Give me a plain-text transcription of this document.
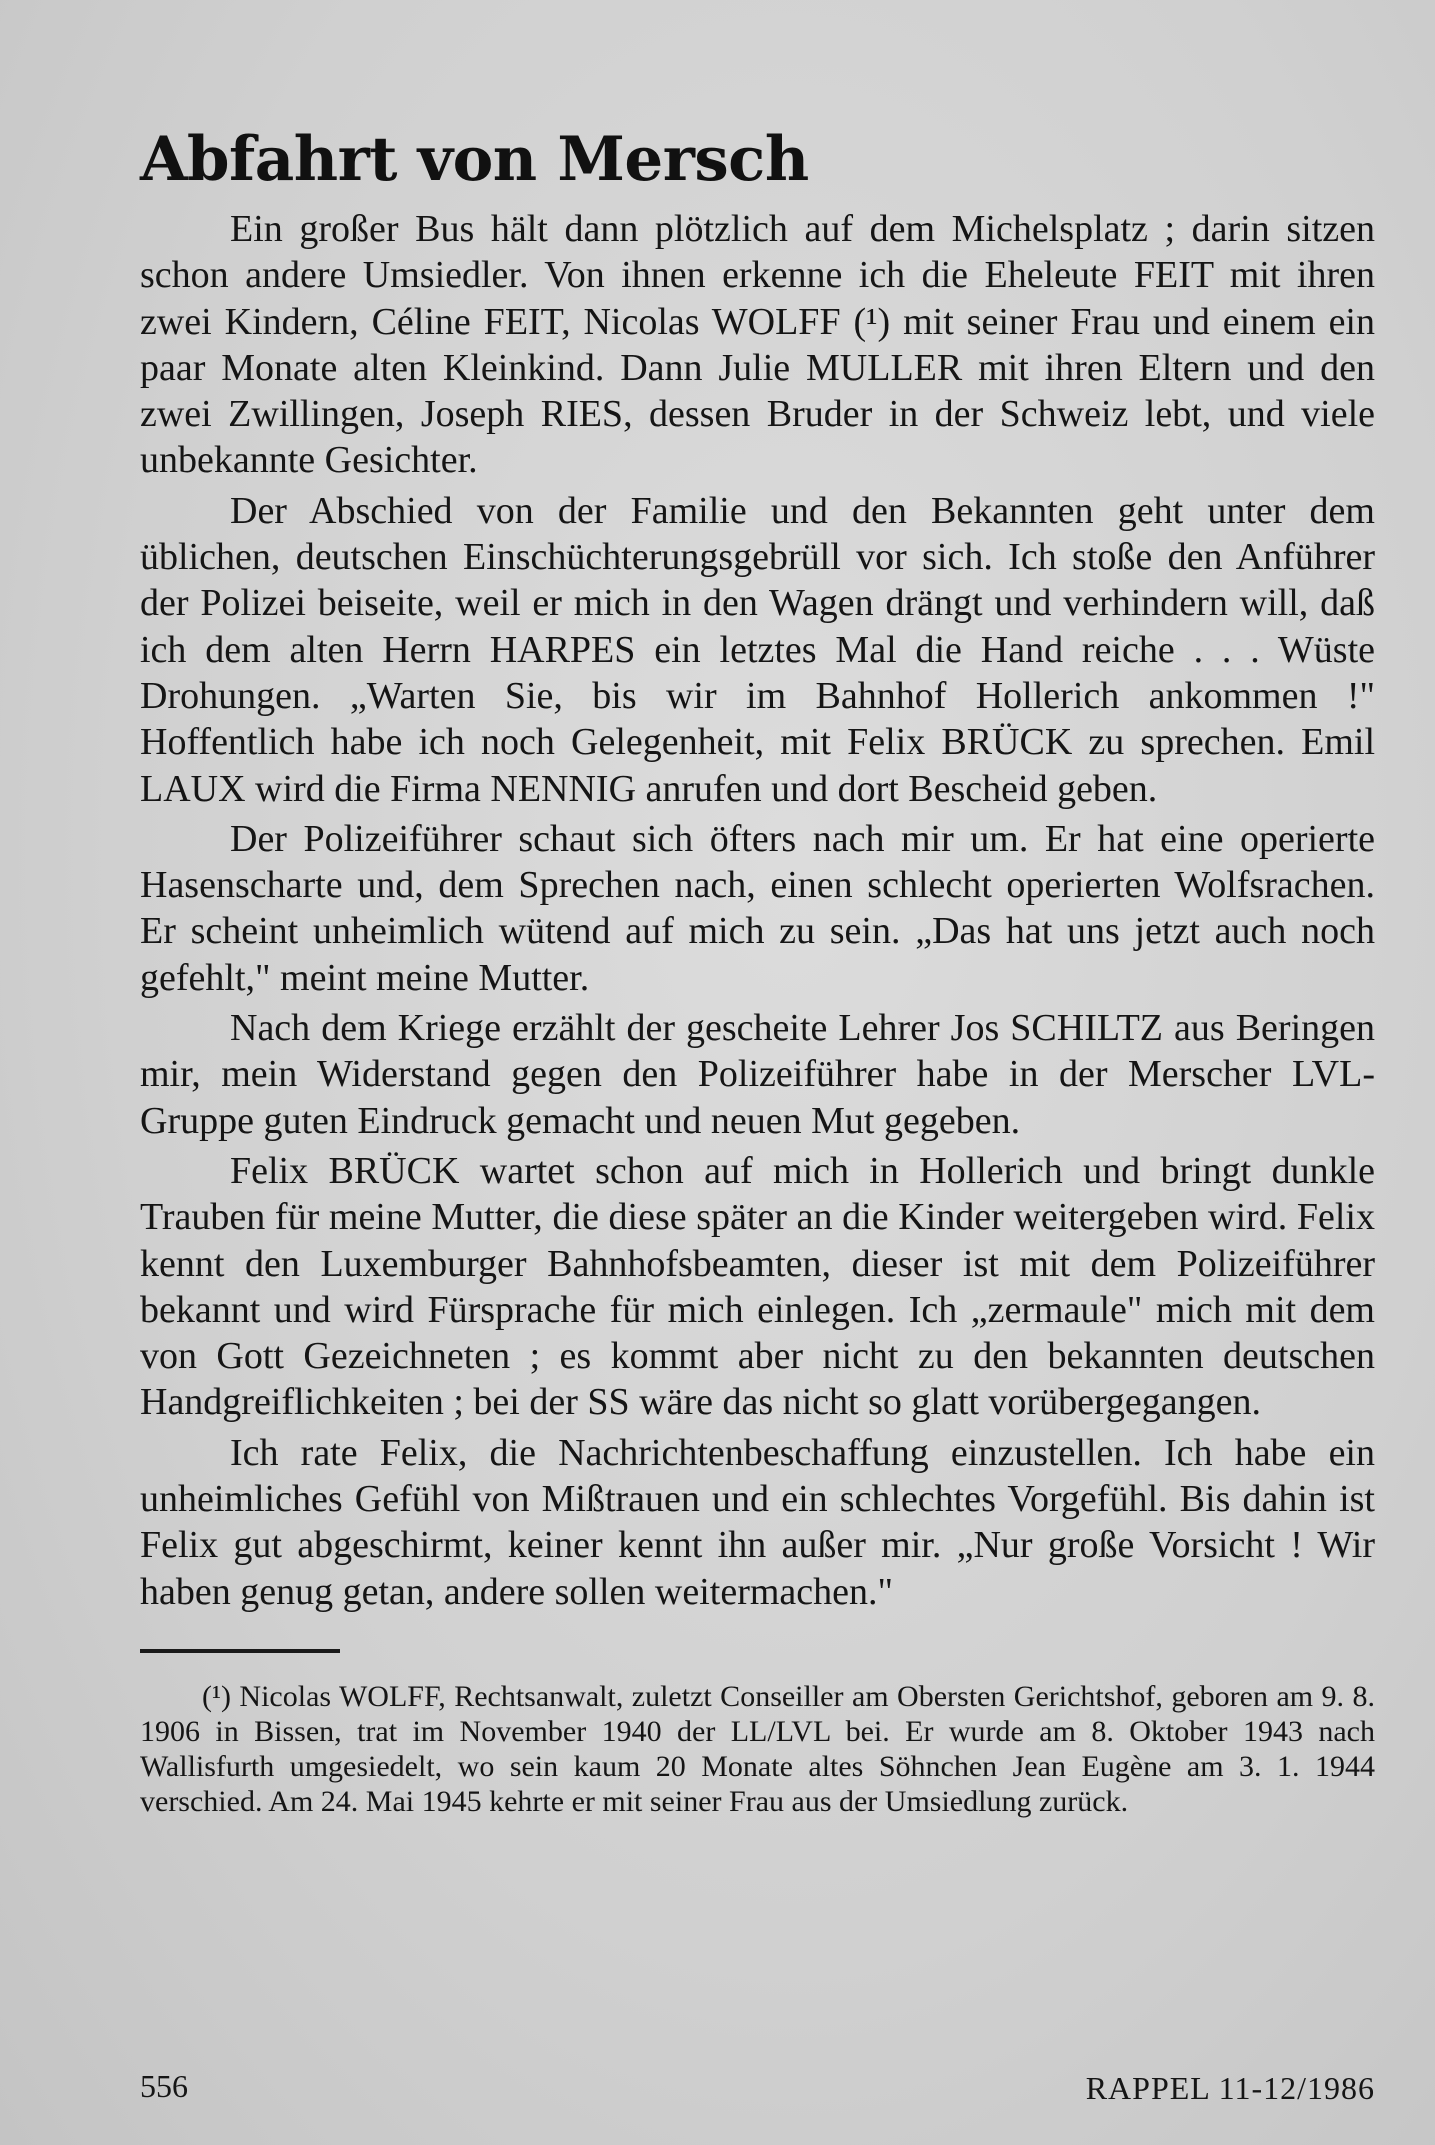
Abfahrt von Mersch

Ein großer Bus hält dann plötzlich auf dem Michelsplatz ; darin sitzen schon andere Umsiedler. Von ihnen erkenne ich die Eheleute FEIT mit ihren zwei Kindern, Céline FEIT, Nicolas WOLFF (¹) mit seiner Frau und einem ein paar Monate alten Kleinkind. Dann Julie MULLER mit ihren Eltern und den zwei Zwillingen, Joseph RIES, dessen Bruder in der Schweiz lebt, und viele unbekannte Gesichter.

Der Abschied von der Familie und den Bekannten geht unter dem üblichen, deutschen Einschüchterungsgebrüll vor sich. Ich stoße den Anführer der Polizei beiseite, weil er mich in den Wagen drängt und verhindern will, daß ich dem alten Herrn HARPES ein letztes Mal die Hand reiche . . . Wüste Drohungen. „Warten Sie, bis wir im Bahnhof Hollerich ankommen !" Hoffentlich habe ich noch Gelegenheit, mit Felix BRÜCK zu sprechen. Emil LAUX wird die Firma NENNIG anrufen und dort Bescheid geben.

Der Polizeiführer schaut sich öfters nach mir um. Er hat eine operierte Hasenscharte und, dem Sprechen nach, einen schlecht operierten Wolfsrachen. Er scheint unheimlich wütend auf mich zu sein. „Das hat uns jetzt auch noch gefehlt," meint meine Mutter.

Nach dem Kriege erzählt der gescheite Lehrer Jos SCHILTZ aus Beringen mir, mein Widerstand gegen den Polizeiführer habe in der Merscher LVL-Gruppe guten Eindruck gemacht und neuen Mut gegeben.

Felix BRÜCK wartet schon auf mich in Hollerich und bringt dunkle Trauben für meine Mutter, die diese später an die Kinder weitergeben wird. Felix kennt den Luxemburger Bahnhofsbeamten, dieser ist mit dem Polizeiführer bekannt und wird Fürsprache für mich einlegen. Ich „zermaule" mich mit dem von Gott Gezeichneten ; es kommt aber nicht zu den bekannten deutschen Handgreiflichkeiten ; bei der SS wäre das nicht so glatt vorübergegangen.

Ich rate Felix, die Nachrichtenbeschaffung einzustellen. Ich habe ein unheimliches Gefühl von Mißtrauen und ein schlechtes Vorgefühl. Bis dahin ist Felix gut abgeschirmt, keiner kennt ihn außer mir. „Nur große Vorsicht ! Wir haben genug getan, andere sollen weitermachen."

(¹) Nicolas WOLFF, Rechtsanwalt, zuletzt Conseiller am Obersten Gerichtshof, geboren am 9. 8. 1906 in Bissen, trat im November 1940 der LL/LVL bei. Er wurde am 8. Oktober 1943 nach Wallisfurth umgesiedelt, wo sein kaum 20 Monate altes Söhnchen Jean Eugène am 3. 1. 1944 verschied. Am 24. Mai 1945 kehrte er mit seiner Frau aus der Umsiedlung zurück.

556	RAPPEL 11-12/1986
